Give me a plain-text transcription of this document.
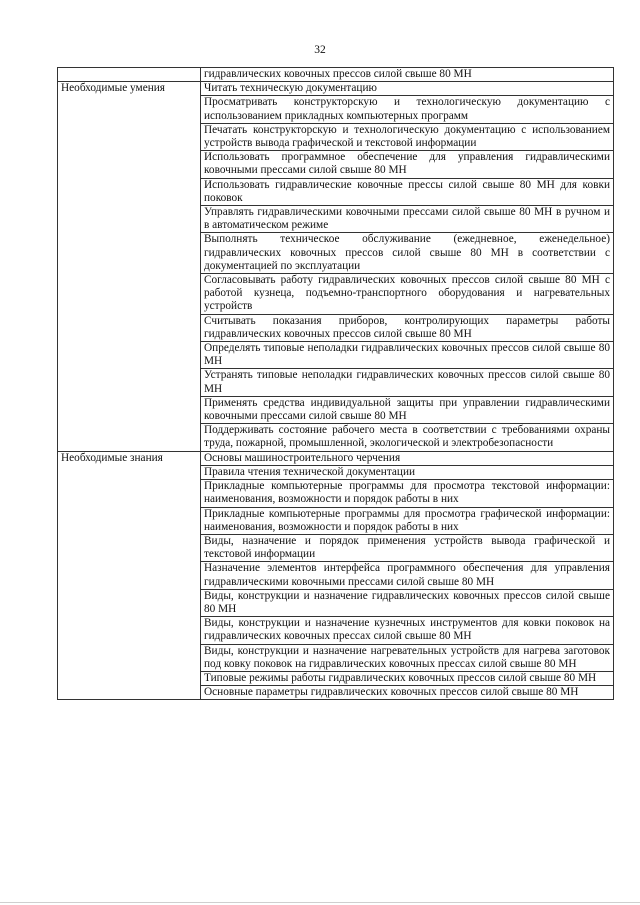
32
	гидравлических ковочных прессов силой свыше 80 МН
Необходимые умения	Читать техническую документацию
	Просматривать конструкторскую и технологическую документацию с использованием прикладных компьютерных программ
	Печатать конструкторскую и технологическую документацию с использованием устройств вывода графической и текстовой информации
	Использовать программное обеспечение для управления гидравлическими ковочными прессами силой свыше 80 МН
	Использовать гидравлические ковочные прессы силой свыше 80 МН для ковки поковок
	Управлять гидравлическими ковочными прессами силой свыше 80 МН в ручном и в автоматическом режиме
	Выполнять техническое обслуживание (ежедневное, еженедельное) гидравлических ковочных прессов силой свыше 80 МН в соответствии с документацией по эксплуатации
	Согласовывать работу гидравлических ковочных прессов силой свыше 80 МН с работой кузнеца, подъемно-транспортного оборудования и нагревательных устройств
	Считывать показания приборов, контролирующих параметры работы гидравлических ковочных прессов силой свыше 80 МН
	Определять типовые неполадки гидравлических ковочных прессов силой свыше 80 МН
	Устранять типовые неполадки гидравлических ковочных прессов силой свыше 80 МН
	Применять средства индивидуальной защиты при управлении гидравлическими ковочными прессами силой свыше 80 МН
	Поддерживать состояние рабочего места в соответствии с требованиями охраны труда, пожарной, промышленной, экологической и электробезопасности
Необходимые знания	Основы машиностроительного черчения
	Правила чтения технической документации
	Прикладные компьютерные программы для просмотра текстовой информации: наименования, возможности и порядок работы в них
	Прикладные компьютерные программы для просмотра графической информации: наименования, возможности и порядок работы в них
	Виды, назначение и порядок применения устройств вывода графической и текстовой информации
	Назначение элементов интерфейса программного обеспечения для управления гидравлическими ковочными прессами силой свыше 80 МН
	Виды, конструкции и назначение гидравлических ковочных прессов силой свыше 80 МН
	Виды, конструкции и назначение кузнечных инструментов для ковки поковок на гидравлических ковочных прессах силой свыше 80 МН
	Виды, конструкции и назначение нагревательных устройств для нагрева заготовок под ковку поковок на гидравлических ковочных прессах силой свыше 80 МН
	Типовые режимы работы гидравлических ковочных прессов силой свыше 80 МН
	Основные параметры гидравлических ковочных прессов силой свыше 80 МН
